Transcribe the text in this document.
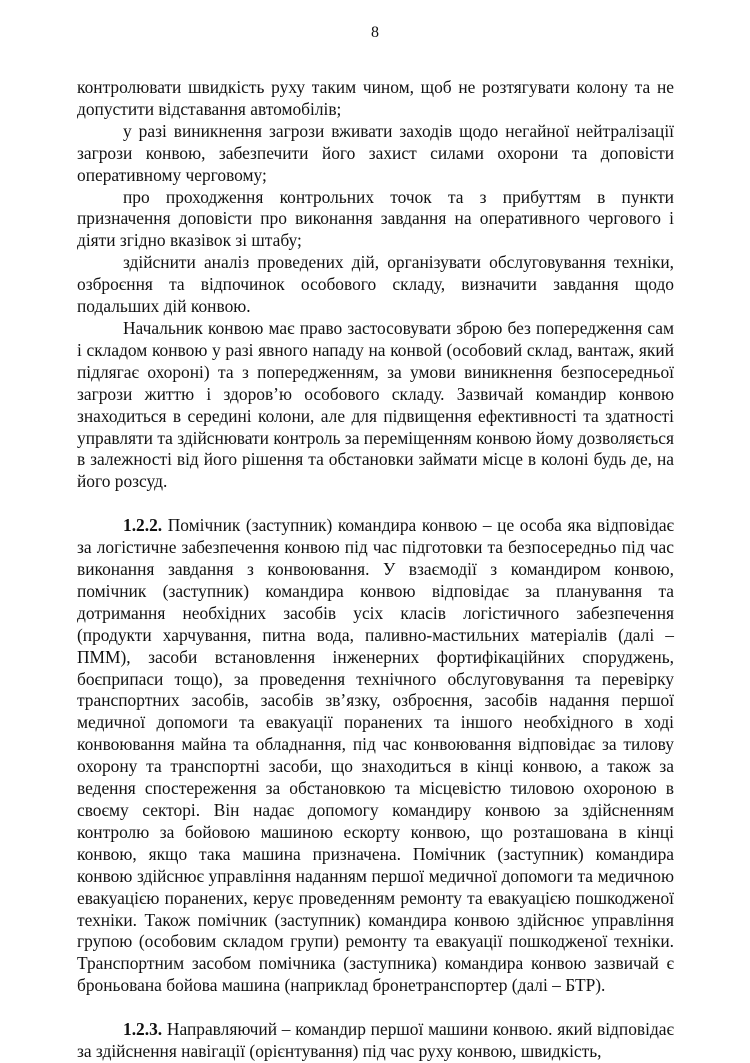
8

контролювати швидкість руху таким чином, щоб не розтягувати колону та не допустити відставання автомобілів;

у разі виникнення загрози вживати заходів щодо негайної нейтралізації загрози конвою, забезпечити його захист силами охорони та доповісти оперативному черговому;

про проходження контрольних точок та з прибуттям в пункти призначення доповісти про виконання завдання на оперативного чергового і діяти згідно вказівок зі штабу;

здійснити аналіз проведених дій, організувати обслуговування техніки, озброєння та відпочинок особового складу, визначити завдання щодо подальших дій конвою.

Начальник конвою має право застосовувати зброю без попередження сам і складом конвою у разі явного нападу на конвой (особовий склад, вантаж, який підлягає охороні) та з попередженням, за умови виникнення безпосередньої загрози життю і здоров’ю особового складу. Зазвичай командир конвою знаходиться в середині колони, але для підвищення ефективності та здатності управляти та здійснювати контроль за переміщенням конвою йому дозволяється в залежності від його рішення та обстановки займати місце в колоні будь де, на його розсуд.

1.2.2. Помічник (заступник) командира конвою – це особа яка відповідає за логістичне забезпечення конвою під час підготовки та безпосередньо під час виконання завдання з конвоювання. У взаємодії з командиром конвою, помічник (заступник) командира конвою відповідає за планування та дотримання необхідних засобів усіх класів логістичного забезпечення (продукти харчування, питна вода, паливно-мастильних матеріалів (далі – ПММ), засоби встановлення інженерних фортифікаційних споруджень, боєприпаси тощо), за проведення технічного обслуговування та перевірку транспортних засобів, засобів зв’язку, озброєння, засобів надання першої медичної допомоги та евакуації поранених та іншого необхідного в ході конвоювання майна та обладнання, під час конвоювання відповідає за тилову охорону та транспортні засоби, що знаходиться в кінці конвою, а також за ведення спостереження за обстановкою та місцевістю тиловою охороною в своєму секторі. Він надає допомогу командиру конвою за здійсненням контролю за бойовою машиною ескорту конвою, що розташована в кінці конвою, якщо така машина призначена. Помічник (заступник) командира конвою здійснює управління наданням першої медичної допомоги та медичною евакуацією поранених, керує проведенням ремонту та евакуацією пошкодженої техніки. Також помічник (заступник) командира конвою здійснює управління групою (особовим складом групи) ремонту та евакуації пошкодженої техніки. Транспортним засобом помічника (заступника) командира конвою зазвичай є броньована бойова машина (наприклад бронетранспортер (далі – БТР).

1.2.3. Направляючий – командир першої машини конвою. який відповідає за здійснення навігації (орієнтування) під час руху конвою, швидкість,
